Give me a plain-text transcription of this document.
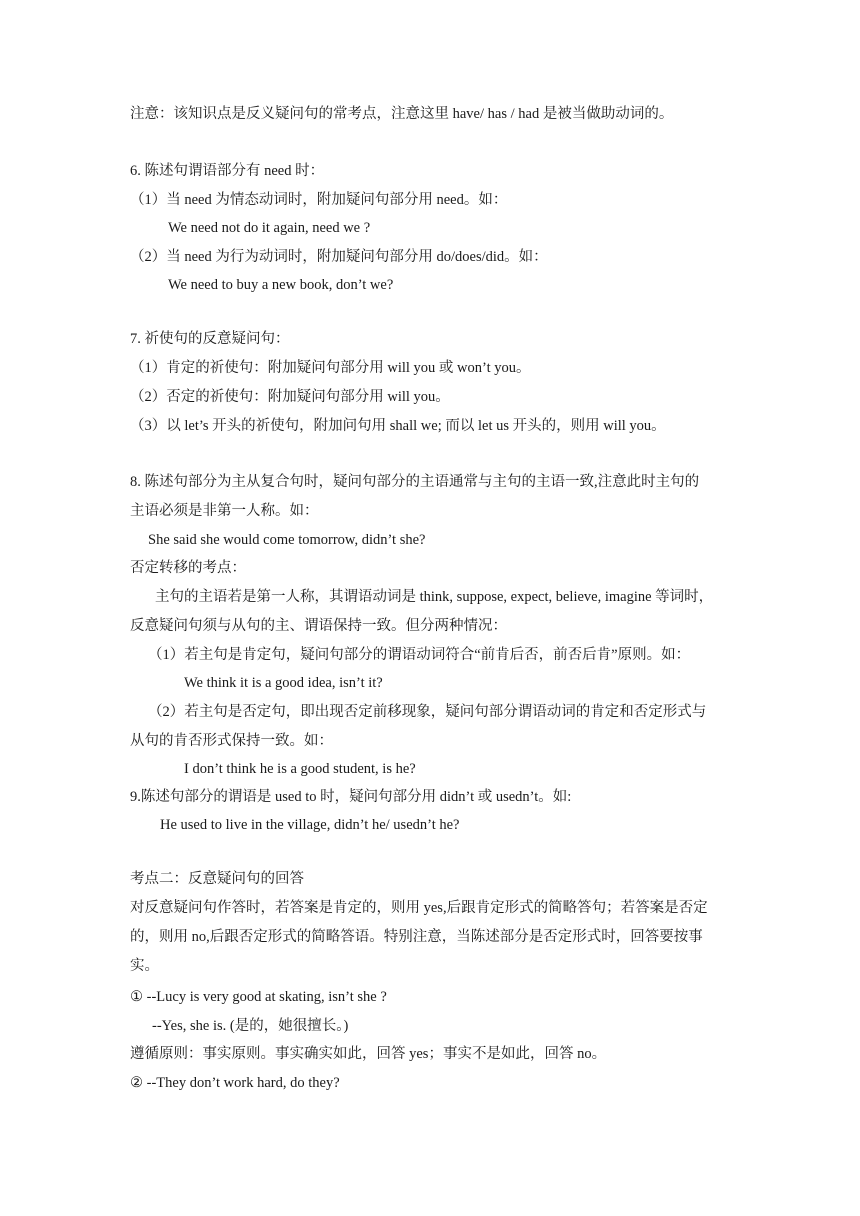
注意：该知识点是反义疑问句的常考点，注意这里 have/ has / had 是被当做助动词的。
6. 陈述句谓语部分有 need 时：
（1）当 need 为情态动词时，附加疑问句部分用 need。如：
We need not do it again, need we ?
（2）当 need 为行为动词时，附加疑问句部分用 do/does/did。如：
We need to buy a new book, don’t we?
7. 祈使句的反意疑问句：
（1）肯定的祈使句：附加疑问句部分用 will you 或 won’t you。
（2）否定的祈使句：附加疑问句部分用 will you。
（3）以 let’s 开头的祈使句，附加问句用 shall we; 而以 let us 开头的，则用 will you。
8. 陈述句部分为主从复合句时，疑问句部分的主语通常与主句的主语一致,注意此时主句的
主语必须是非第一人称。如：
She said she would come tomorrow, didn’t she?
否定转移的考点：
主句的主语若是第一人称，其谓语动词是 think, suppose, expect, believe, imagine 等词时，
反意疑问句须与从句的主、谓语保持一致。但分两种情况：
（1）若主句是肯定句，疑问句部分的谓语动词符合“前肯后否，前否后肯”原则。如：
We think it is a good idea, isn’t it?
（2）若主句是否定句，即出现否定前移现象，疑问句部分谓语动词的肯定和否定形式与
从句的肯否形式保持一致。如：
I don’t think he is a good student, is he?
9.陈述句部分的谓语是 used to 时，疑问句部分用 didn’t 或 usedn’t。如:
He used to live in the village, didn’t he/ usedn’t he?
考点二：反意疑问句的回答
对反意疑问句作答时，若答案是肯定的，则用 yes,后跟肯定形式的简略答句；若答案是否定
的，则用 no,后跟否定形式的简略答语。特别注意，当陈述部分是否定形式时，回答要按事
实。
① --Lucy is very good at skating, isn’t she ?
--Yes, she is. (是的，她很擅长。)
遵循原则：事实原则。事实确实如此，回答 yes；事实不是如此，回答 no。
② --They don’t work hard, do they?
